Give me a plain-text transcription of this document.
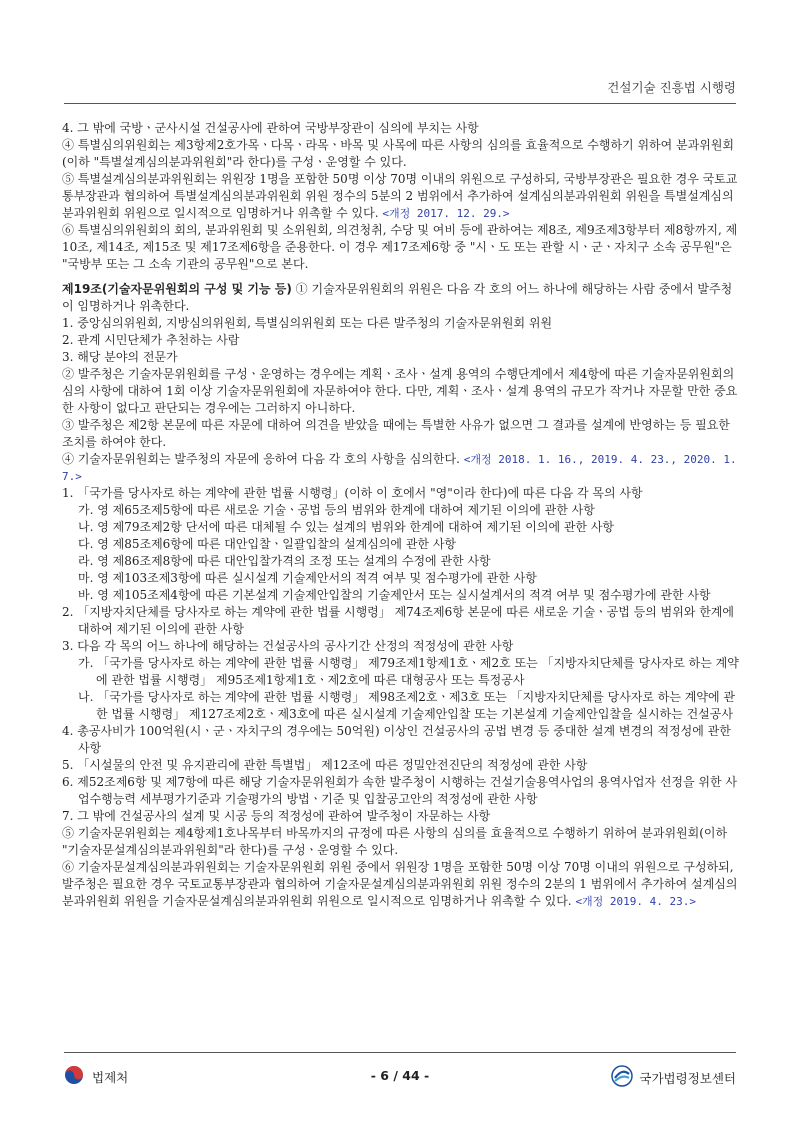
건설기술 진흥법 시행령

4. 그 밖에 국방ㆍ군사시설 건설공사에 관하여 국방부장관이 심의에 부치는 사항

④ 특별심의위원회는 제3항제2호가목ㆍ다목ㆍ라목ㆍ바목 및 사목에 따른 사항의 심의를 효율적으로 수행하기 위하여 분과위원회(이하 "특별설계심의분과위원회"라 한다)를 구성ㆍ운영할 수 있다.

⑤ 특별설계심의분과위원회는 위원장 1명을 포함한 50명 이상 70명 이내의 위원으로 구성하되, 국방부장관은 필요한 경우 국토교통부장관과 협의하여 특별설계심의분과위원회 위원 정수의 5분의 2 범위에서 추가하여 설계심의분과위원회 위원을 특별설계심의분과위원회 위원으로 일시적으로 임명하거나 위촉할 수 있다. <개정 2017. 12. 29.>

⑥ 특별심의위원회의 회의, 분과위원회 및 소위원회, 의견청취, 수당 및 여비 등에 관하여는 제8조, 제9조제3항부터 제8항까지, 제10조, 제14조, 제15조 및 제17조제6항을 준용한다. 이 경우 제17조제6항 중 "시ㆍ도 또는 관할 시ㆍ군ㆍ자치구 소속 공무원"은 "국방부 또는 그 소속 기관의 공무원"으로 본다.

제19조(기술자문위원회의 구성 및 기능 등) ① 기술자문위원회의 위원은 다음 각 호의 어느 하나에 해당하는 사람 중에서 발주청이 임명하거나 위촉한다.

1. 중앙심의위원회, 지방심의위원회, 특별심의위원회 또는 다른 발주청의 기술자문위원회 위원

2. 관계 시민단체가 추천하는 사람

3. 해당 분야의 전문가

② 발주청은 기술자문위원회를 구성ㆍ운영하는 경우에는 계획ㆍ조사ㆍ설계 용역의 수행단계에서 제4항에 따른 기술자문위원회의 심의 사항에 대하여 1회 이상 기술자문위원회에 자문하여야 한다. 다만, 계획ㆍ조사ㆍ설계 용역의 규모가 작거나 자문할 만한 중요한 사항이 없다고 판단되는 경우에는 그러하지 아니하다.

③ 발주청은 제2항 본문에 따른 자문에 대하여 의견을 받았을 때에는 특별한 사유가 없으면 그 결과를 설계에 반영하는 등 필요한 조치를 하여야 한다.

④ 기술자문위원회는 발주청의 자문에 응하여 다음 각 호의 사항을 심의한다. <개정 2018. 1. 16., 2019. 4. 23., 2020. 1. 7.>

1. 「국가를 당사자로 하는 계약에 관한 법률 시행령」(이하 이 호에서 "영"이라 한다)에 따른 다음 각 목의 사항

가. 영 제65조제5항에 따른 새로운 기술ㆍ공법 등의 범위와 한계에 대하여 제기된 이의에 관한 사항

나. 영 제79조제2항 단서에 따른 대체될 수 있는 설계의 범위와 한계에 대하여 제기된 이의에 관한 사항

다. 영 제85조제6항에 따른 대안입찰ㆍ일괄입찰의 설계심의에 관한 사항

라. 영 제86조제8항에 따른 대안입찰가격의 조정 또는 설계의 수정에 관한 사항

마. 영 제103조제3항에 따른 실시설계 기술제안서의 적격 여부 및 점수평가에 관한 사항

바. 영 제105조제4항에 따른 기본설계 기술제안입찰의 기술제안서 또는 실시설계서의 적격 여부 및 점수평가에 관한 사항

2. 「지방자치단체를 당사자로 하는 계약에 관한 법률 시행령」 제74조제6항 본문에 따른 새로운 기술ㆍ공법 등의 범위와 한계에 대하여 제기된 이의에 관한 사항

3. 다음 각 목의 어느 하나에 해당하는 건설공사의 공사기간 산정의 적정성에 관한 사항

가. 「국가를 당사자로 하는 계약에 관한 법률 시행령」 제79조제1항제1호ㆍ제2호 또는 「지방자치단체를 당사자로 하는 계약에 관한 법률 시행령」 제95조제1항제1호ㆍ제2호에 따른 대형공사 또는 특정공사

나. 「국가를 당사자로 하는 계약에 관한 법률 시행령」 제98조제2호ㆍ제3호 또는 「지방자치단체를 당사자로 하는 계약에 관한 법률 시행령」 제127조제2호ㆍ제3호에 따른 실시설계 기술제안입찰 또는 기본설계 기술제안입찰을 실시하는 건설공사

4. 총공사비가 100억원(시ㆍ군ㆍ자치구의 경우에는 50억원) 이상인 건설공사의 공법 변경 등 중대한 설계 변경의 적정성에 관한 사항

5. 「시설물의 안전 및 유지관리에 관한 특별법」 제12조에 따른 정밀안전진단의 적정성에 관한 사항

6. 제52조제6항 및 제7항에 따른 해당 기술자문위원회가 속한 발주청이 시행하는 건설기술용역사업의 용역사업자 선정을 위한 사업수행능력 세부평가기준과 기술평가의 방법ㆍ기준 및 입찰공고안의 적정성에 관한 사항

7. 그 밖에 건설공사의 설계 및 시공 등의 적정성에 관하여 발주청이 자문하는 사항

⑤ 기술자문위원회는 제4항제1호나목부터 바목까지의 규정에 따른 사항의 심의를 효율적으로 수행하기 위하여 분과위원회(이하 "기술자문설계심의분과위원회"라 한다)를 구성ㆍ운영할 수 있다.

⑥ 기술자문설계심의분과위원회는 기술자문위원회 위원 중에서 위원장 1명을 포함한 50명 이상 70명 이내의 위원으로 구성하되, 발주청은 필요한 경우 국토교통부장관과 협의하여 기술자문설계심의분과위원회 위원 정수의 2분의 1 범위에서 추가하여 설계심의분과위원회 위원을 기술자문설계심의분과위원회 위원으로 일시적으로 임명하거나 위촉할 수 있다. <개정 2019. 4. 23.>

법제처	- 6 / 44 -	국가법령정보센터
